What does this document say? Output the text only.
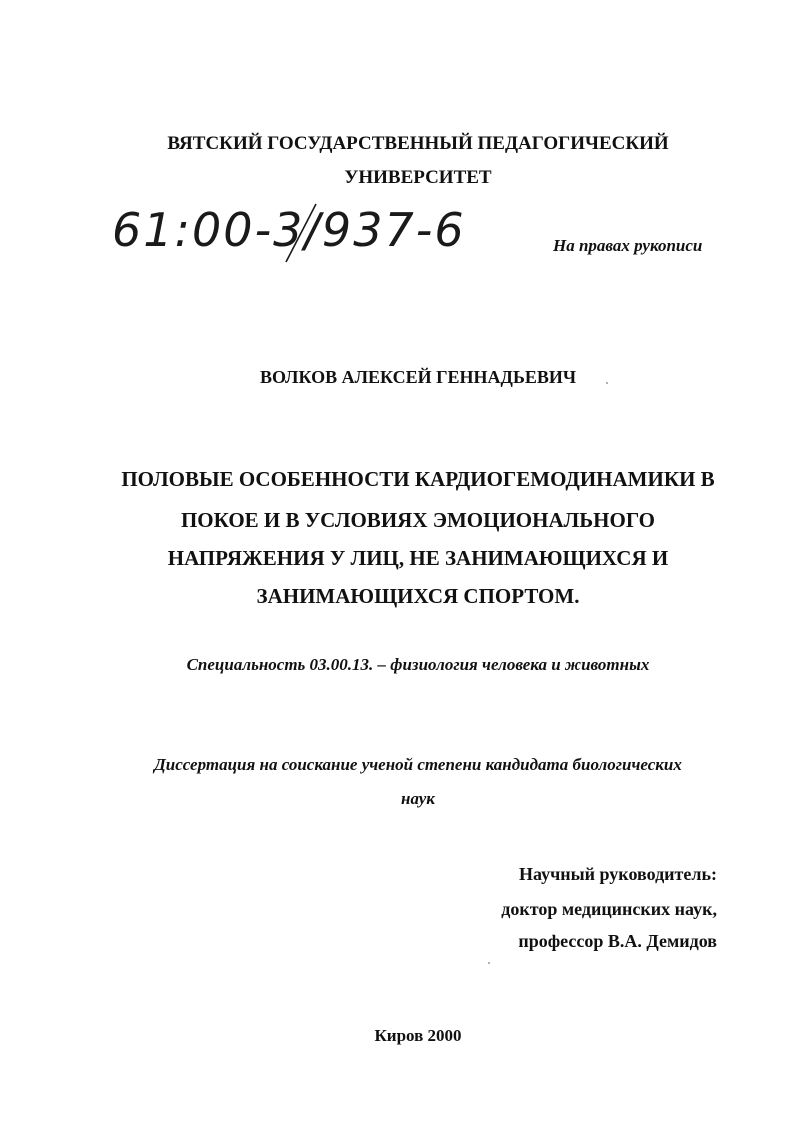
ВЯТСКИЙ ГОСУДАРСТВЕННЫЙ ПЕДАГОГИЧЕСКИЙ
УНИВЕРСИТЕТ
61:00-3/937-6	На правах рукописи
ВОЛКОВ АЛЕКСЕЙ ГЕННАДЬЕВИЧ
ПОЛОВЫЕ ОСОБЕННОСТИ КАРДИОГЕМОДИНАМИКИ В
ПОКОЕ И В УСЛОВИЯХ ЭМОЦИОНАЛЬНОГО
НАПРЯЖЕНИЯ У ЛИЦ, НЕ ЗАНИМАЮЩИХСЯ И
ЗАНИМАЮЩИХСЯ СПОРТОМ.
Специальность 03.00.13. – физиология человека и животных
Диссертация на соискание ученой степени кандидата биологических
наук
Научный руководитель:
доктор медицинских наук,
профессор В.А. Демидов
Киров 2000
